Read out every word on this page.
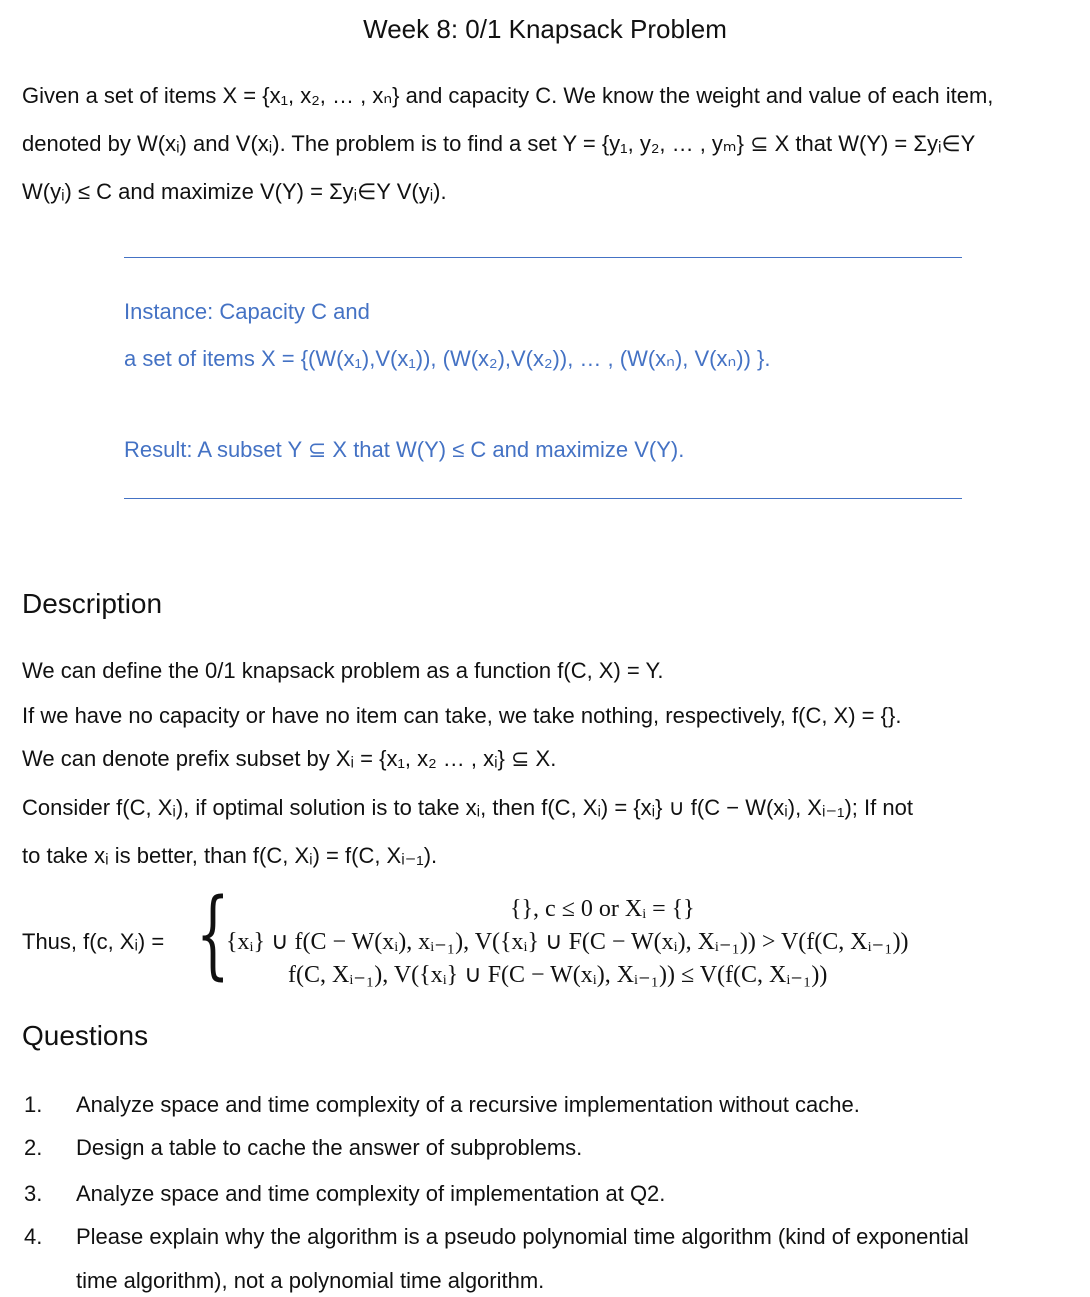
Week 8: 0/1 Knapsack Problem
Given a set of items X = {x₁, x₂, … , xₙ} and capacity C. We know the weight and value of each item,
denoted by W(xᵢ) and V(xᵢ). The problem is to find a set Y = {y₁, y₂, … , yₘ} ⊆ X that W(Y) = Σyᵢ∈Y
W(yᵢ) ≤ C and maximize V(Y) = Σyᵢ∈Y V(yᵢ).
Instance: Capacity C and
a set of items X = {(W(x₁),V(x₁)), (W(x₂),V(x₂)), … , (W(xₙ), V(xₙ)) }.
Result: A subset Y ⊆ X that W(Y) ≤ C and maximize V(Y).
Description
We can define the 0/1 knapsack problem as a function f(C, X) = Y.
If we have no capacity or have no item can take, we take nothing, respectively, f(C, X) = {}.
We can denote prefix subset by Xᵢ = {x₁, x₂ … , xᵢ} ⊆ X.
Consider f(C, Xᵢ), if optimal solution is to take xᵢ, then f(C, Xᵢ) = {xᵢ} ∪ f(C − W(xᵢ), Xᵢ₋₁); If not
to take xᵢ is better, than f(C, Xᵢ) = f(C, Xᵢ₋₁).
Thus, f(c, Xᵢ) = {	{}, c ≤ 0 or Xᵢ = {}
{xᵢ} ∪ f(C − W(xᵢ), xᵢ₋₁), V({xᵢ} ∪ F(C − W(xᵢ), Xᵢ₋₁)) > V(f(C, Xᵢ₋₁))
f(C, Xᵢ₋₁), V({xᵢ} ∪ F(C − W(xᵢ), Xᵢ₋₁)) ≤ V(f(C, Xᵢ₋₁))
Questions
1. Analyze space and time complexity of a recursive implementation without cache.
2. Design a table to cache the answer of subproblems.
3. Analyze space and time complexity of implementation at Q2.
4. Please explain why the algorithm is a pseudo polynomial time algorithm (kind of exponential
time algorithm), not a polynomial time algorithm.
